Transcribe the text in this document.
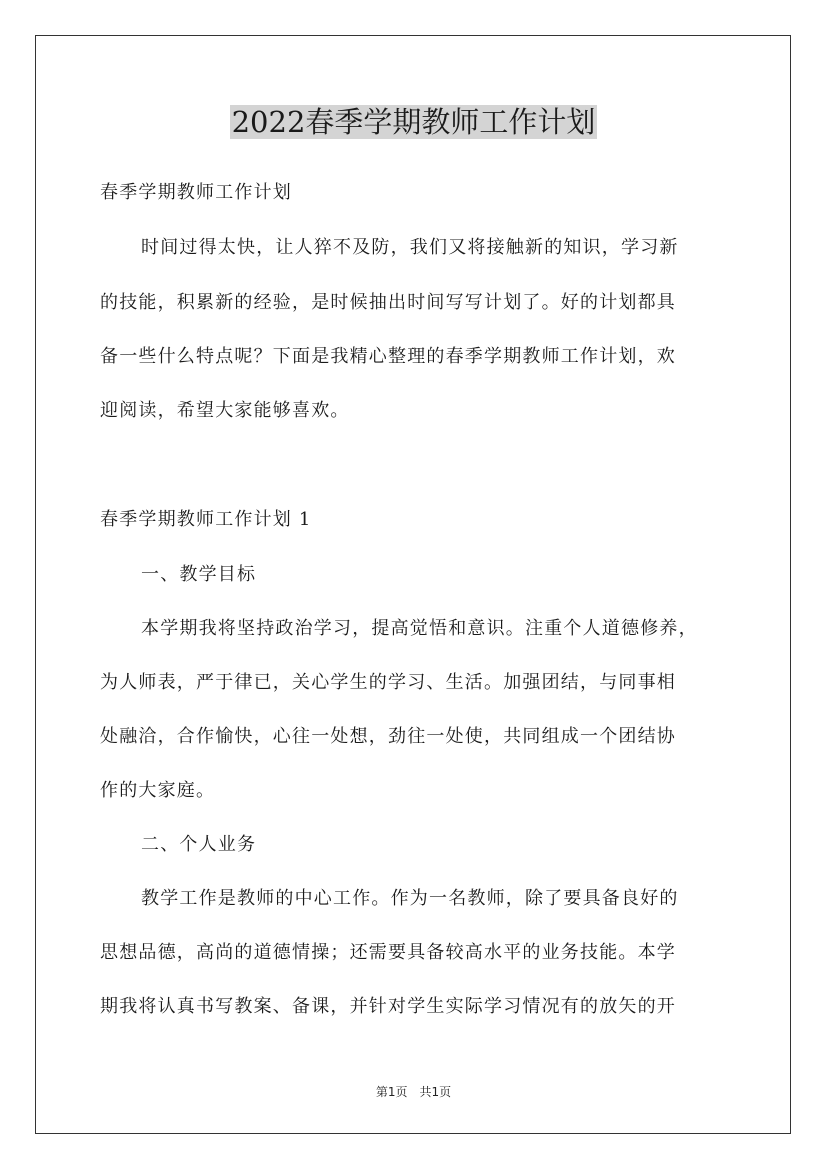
2022春季学期教师工作计划
春季学期教师工作计划
时间过得太快，让人猝不及防，我们又将接触新的知识，学习新
的技能，积累新的经验，是时候抽出时间写写计划了。好的计划都具
备一些什么特点呢？下面是我精心整理的春季学期教师工作计划，欢
迎阅读，希望大家能够喜欢。
春季学期教师工作计划 1
一、教学目标
本学期我将坚持政治学习，提高觉悟和意识。注重个人道德修养，
为人师表，严于律已，关心学生的学习、生活。加强团结，与同事相
处融洽，合作愉快，心往一处想，劲往一处使，共同组成一个团结协
作的大家庭。
二、个人业务
教学工作是教师的中心工作。作为一名教师，除了要具备良好的
思想品德，高尚的道德情操；还需要具备较高水平的业务技能。本学
期我将认真书写教案、备课，并针对学生实际学习情况有的放矢的开
第1页　共1页
